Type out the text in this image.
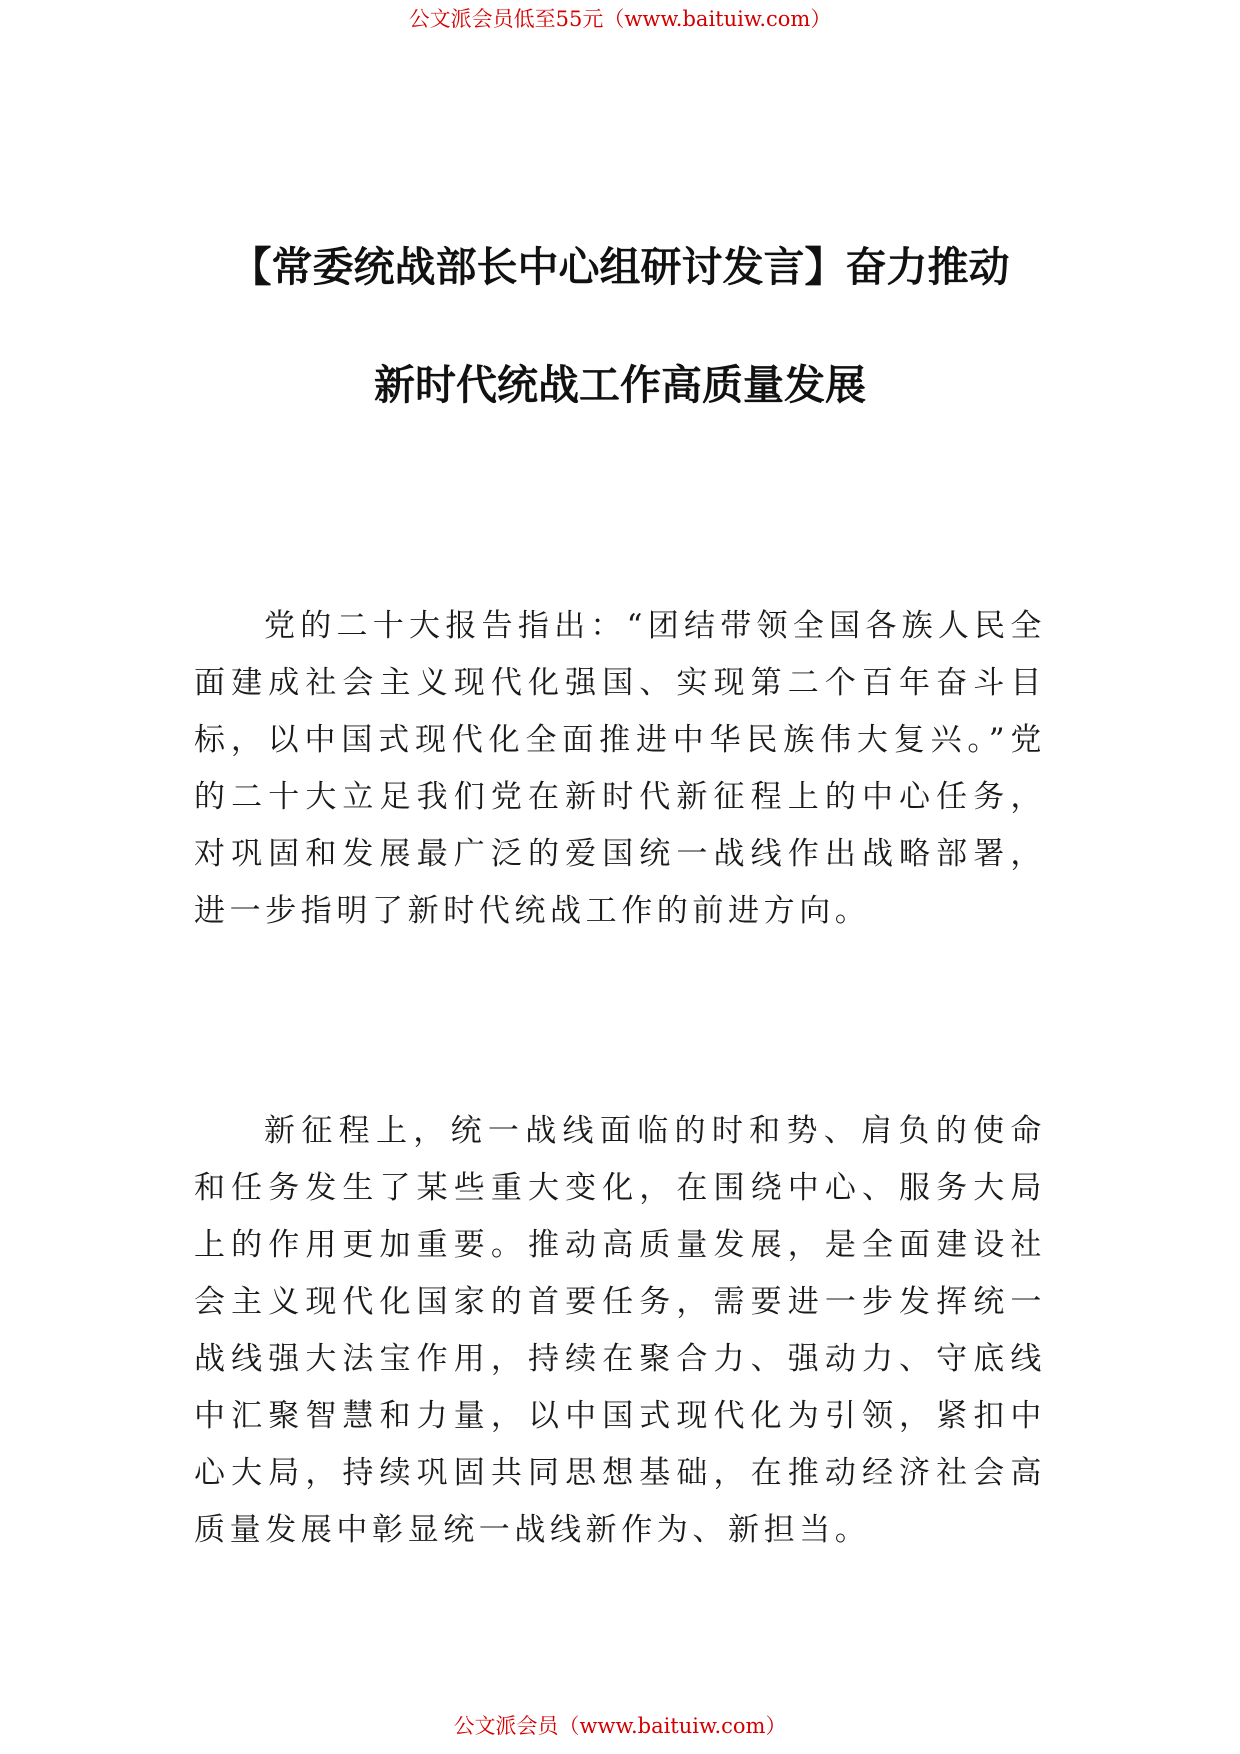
公文派会员低至55元（www.baituiw.com）
【常委统战部长中心组研讨发言】奋力推动
新时代统战工作高质量发展

党的二十大报告指出：“团结带领全国各族人民全面建成社会主义现代化强国、实现第二个百年奋斗目标，以中国式现代化全面推进中华民族伟大复兴。”党的二十大立足我们党在新时代新征程上的中心任务，对巩固和发展最广泛的爱国统一战线作出战略部署，进一步指明了新时代统战工作的前进方向。

新征程上，统一战线面临的时和势、肩负的使命和任务发生了某些重大变化，在围绕中心、服务大局上的作用更加重要。推动高质量发展，是全面建设社会主义现代化国家的首要任务，需要进一步发挥统一战线强大法宝作用，持续在聚合力、强动力、守底线中汇聚智慧和力量，以中国式现代化为引领，紧扣中心大局，持续巩固共同思想基础，在推动经济社会高质量发展中彰显统一战线新作为、新担当。

公文派会员（www.baituiw.com）
